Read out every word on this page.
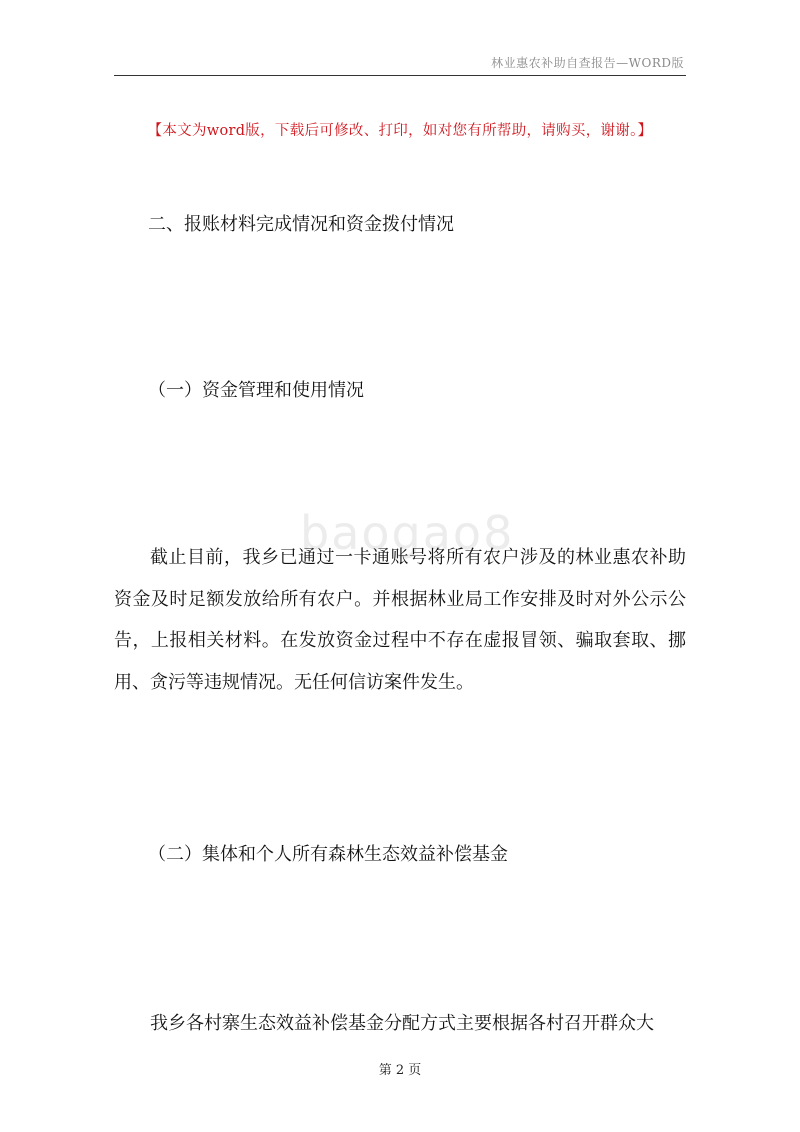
林业惠农补助自查报告—WORD版
【本文为word版，下载后可修改、打印，如对您有所帮助，请购买，谢谢。】
二、报账材料完成情况和资金拨付情况
（一）资金管理和使用情况
baogao8

截止目前，我乡已通过一卡通账号将所有农户涉及的林业惠农补助资金及时足额发放给所有农户。并根据林业局工作安排及时对外公示公告，上报相关材料。在发放资金过程中不存在虚报冒领、骗取套取、挪用、贪污等违规情况。无任何信访案件发生。

（二）集体和个人所有森林生态效益补偿基金

我乡各村寨生态效益补偿基金分配方式主要根据各村召开群众大

第 2 页
